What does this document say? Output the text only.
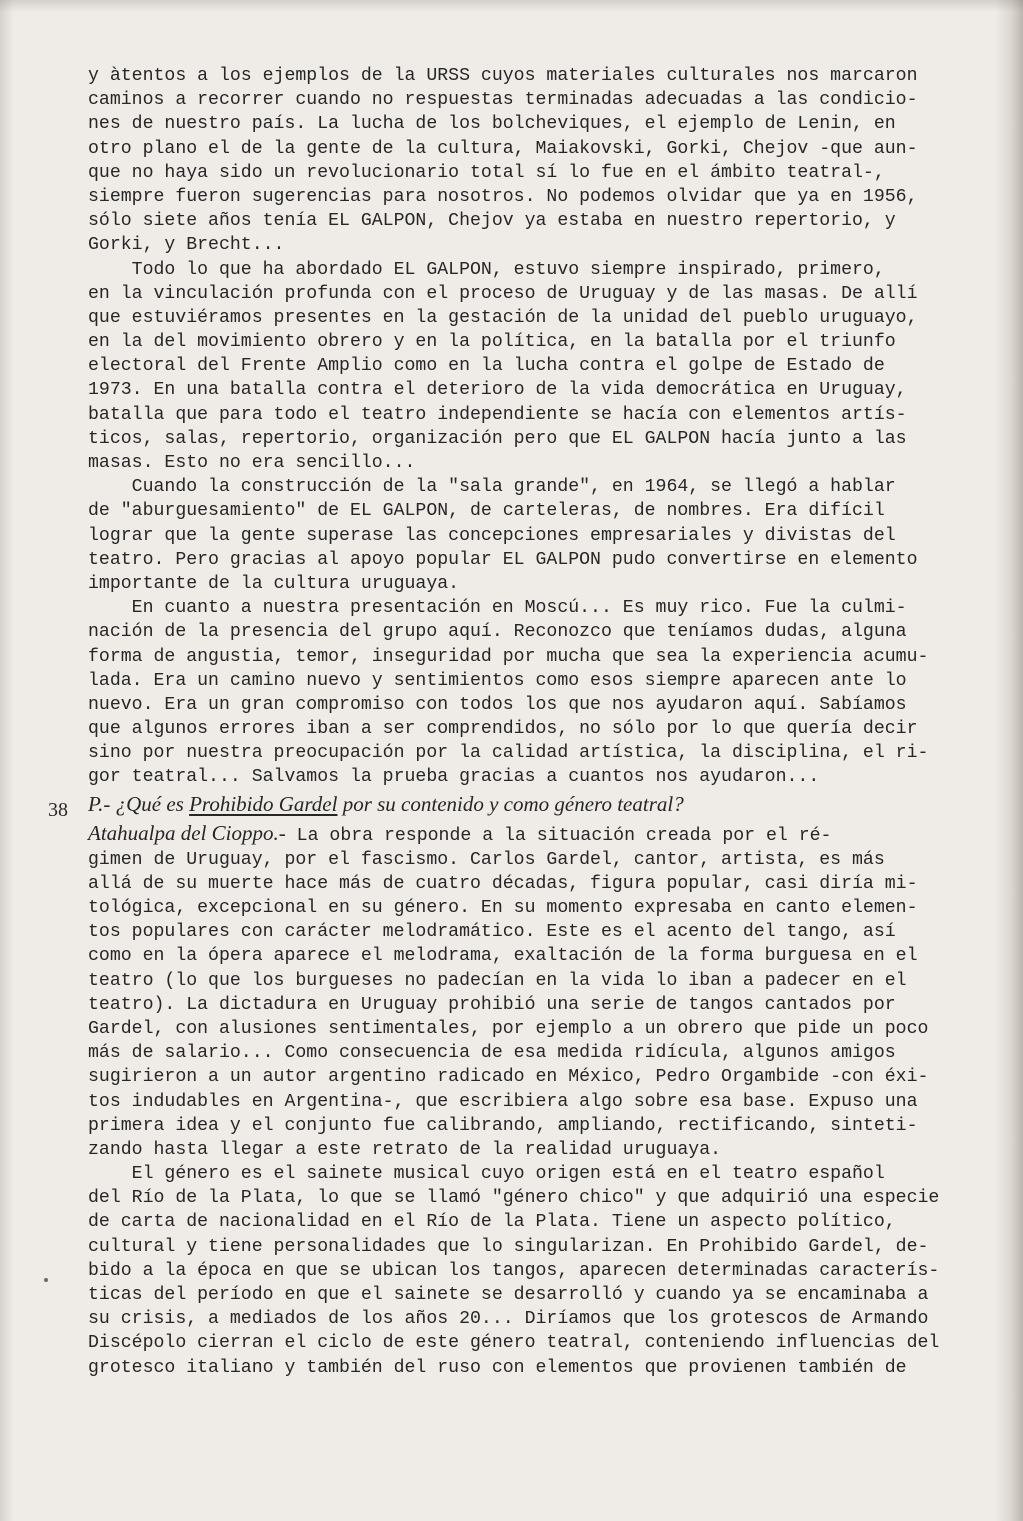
38
y àtentos a los ejemplos de la URSS cuyos materiales culturales nos marcaron
caminos a recorrer cuando no respuestas terminadas adecuadas a las condicio-
nes de nuestro país. La lucha de los bolcheviques, el ejemplo de Lenin, en
otro plano el de la gente de la cultura, Maiakovski, Gorki, Chejov -que aun-
que no haya sido un revolucionario total sí lo fue en el ámbito teatral-,
siempre fueron sugerencias para nosotros. No podemos olvidar que ya en 1956,
sólo siete años tenía EL GALPON, Chejov ya estaba en nuestro repertorio, y
Gorki, y Brecht...
Todo lo que ha abordado EL GALPON, estuvo siempre inspirado, primero,
en la vinculación profunda con el proceso de Uruguay y de las masas. De allí
que estuviéramos presentes en la gestación de la unidad del pueblo uruguayo,
en la del movimiento obrero y en la política, en la batalla por el triunfo
electoral del Frente Amplio como en la lucha contra el golpe de Estado de
1973. En una batalla contra el deterioro de la vida democrática en Uruguay,
batalla que para todo el teatro independiente se hacía con elementos artís-
ticos, salas, repertorio, organización pero que EL GALPON hacía junto a las
masas. Esto no era sencillo...
Cuando la construcción de la "sala grande", en 1964, se llegó a hablar
de "aburguesamiento" de EL GALPON, de carteleras, de nombres. Era difícil
lograr que la gente superase las concepciones empresariales y divistas del
teatro. Pero gracias al apoyo popular EL GALPON pudo convertirse en elemento
importante de la cultura uruguaya.
En cuanto a nuestra presentación en Moscú... Es muy rico. Fue la culmi-
nación de la presencia del grupo aquí. Reconozco que teníamos dudas, alguna
forma de angustia, temor, inseguridad por mucha que sea la experiencia acumu-
lada. Era un camino nuevo y sentimientos como esos siempre aparecen ante lo
nuevo. Era un gran compromiso con todos los que nos ayudaron aquí. Sabíamos
que algunos errores iban a ser comprendidos, no sólo por lo que quería decir
sino por nuestra preocupación por la calidad artística, la disciplina, el ri-
gor teatral... Salvamos la prueba gracias a cuantos nos ayudaron...
P.- ¿Qué es Prohibido Gardel por su contenido y como género teatral?
Atahualpa del Cioppo.- La obra responde a la situación creada por el ré-
gimen de Uruguay, por el fascismo. Carlos Gardel, cantor, artista, es más
allá de su muerte hace más de cuatro décadas, figura popular, casi diría mi-
tológica, excepcional en su género. En su momento expresaba en canto elemen-
tos populares con carácter melodramático. Este es el acento del tango, así
como en la ópera aparece el melodrama, exaltación de la forma burguesa en el
teatro (lo que los burgueses no padecían en la vida lo iban a padecer en el
teatro). La dictadura en Uruguay prohibió una serie de tangos cantados por
Gardel, con alusiones sentimentales, por ejemplo a un obrero que pide un poco
más de salario... Como consecuencia de esa medida ridícula, algunos amigos
sugirieron a un autor argentino radicado en México, Pedro Orgambide -con éxi-
tos indudables en Argentina-, que escribiera algo sobre esa base. Expuso una
primera idea y el conjunto fue calibrando, ampliando, rectificando, sinteti-
zando hasta llegar a este retrato de la realidad uruguaya.
El género es el sainete musical cuyo origen está en el teatro español
del Río de la Plata, lo que se llamó "género chico" y que adquirió una especie
de carta de nacionalidad en el Río de la Plata. Tiene un aspecto político,
cultural y tiene personalidades que lo singularizan. En Prohibido Gardel, de-
bido a la época en que se ubican los tangos, aparecen determinadas caracterís-
ticas del período en que el sainete se desarrolló y cuando ya se encaminaba a
su crisis, a mediados de los años 20... Diríamos que los grotescos de Armando
Discépolo cierran el ciclo de este género teatral, conteniendo influencias del
grotesco italiano y también del ruso con elementos que provienen también de
